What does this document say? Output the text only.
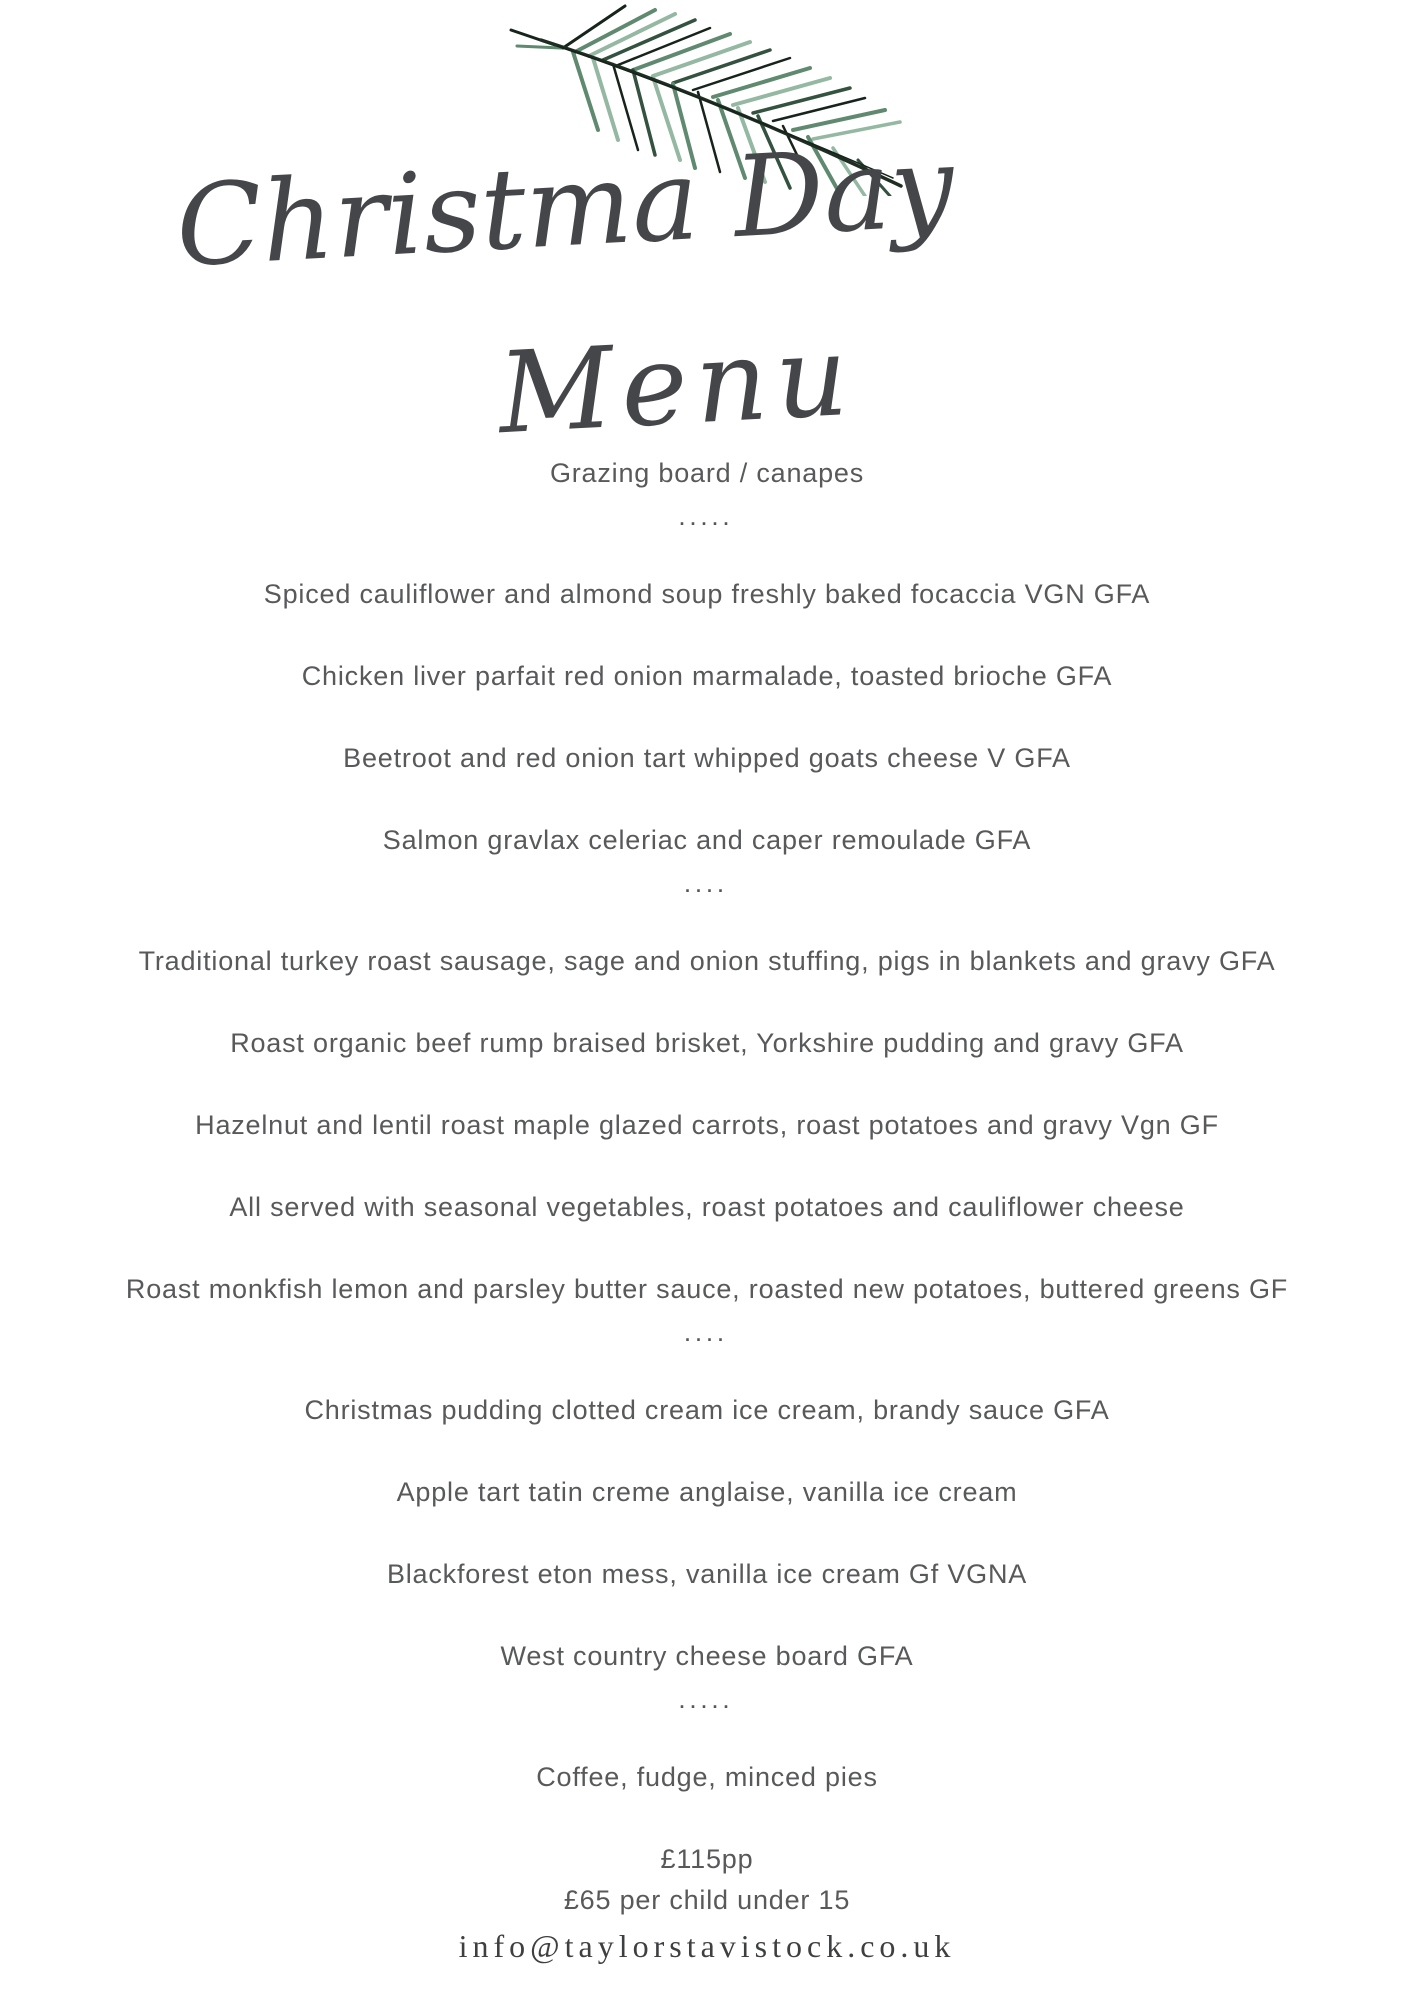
Christma Day
Menu
Grazing board / canapes
.....
Spiced cauliflower and almond soup freshly baked focaccia VGN GFA
Chicken liver parfait red onion marmalade, toasted brioche GFA
Beetroot and red onion tart whipped goats cheese V GFA
Salmon gravlax celeriac and caper remoulade GFA
....
Traditional turkey roast sausage, sage and onion stuffing, pigs in blankets and gravy GFA
Roast organic beef rump braised brisket, Yorkshire pudding and gravy GFA
Hazelnut and lentil roast maple glazed carrots, roast potatoes and gravy Vgn GF
All served with seasonal vegetables, roast potatoes and cauliflower cheese
Roast monkfish lemon and parsley butter sauce, roasted new potatoes, buttered greens GF
....
Christmas pudding clotted cream ice cream, brandy sauce GFA
Apple tart tatin creme anglaise, vanilla ice cream
Blackforest eton mess, vanilla ice cream Gf VGNA
West country cheese board GFA
.....
Coffee, fudge, minced pies
£115pp
£65 per child under 15
info@taylorstavistock.co.uk
